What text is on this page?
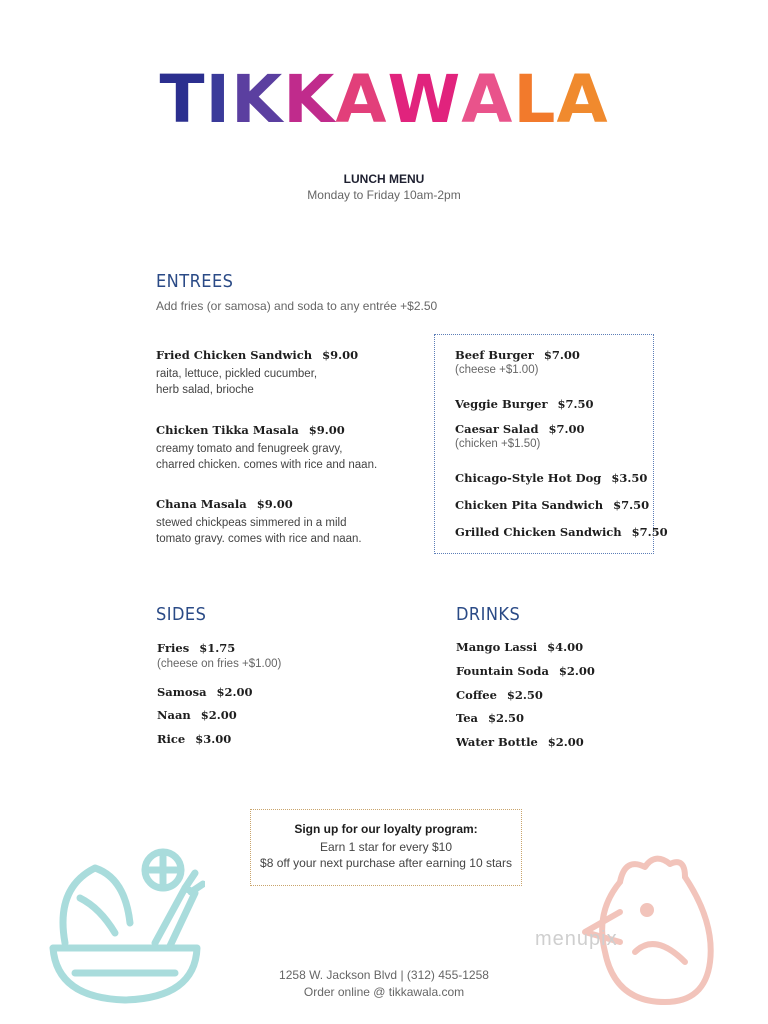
TIKKAWALA
LUNCH MENU
Monday to Friday 10am-2pm
ENTREES
Add fries (or samosa) and soda to any entrée +$2.50
Fried Chicken Sandwich $9.00
raita, lettuce, pickled cucumber,
herb salad, brioche
Chicken Tikka Masala $9.00
creamy tomato and fenugreek gravy,
charred chicken. comes with rice and naan.
Chana Masala $9.00
stewed chickpeas simmered in a mild
tomato gravy. comes with rice and naan.
Beef Burger $7.00
(cheese +$1.00)
Veggie Burger $7.50
Caesar Salad $7.00
(chicken +$1.50)
Chicago-Style Hot Dog $3.50
Chicken Pita Sandwich $7.50
Grilled Chicken Sandwich $7.50
SIDES
Fries $1.75
(cheese on fries +$1.00)
Samosa $2.00
Naan $2.00
Rice $3.00
DRINKS
Mango Lassi $4.00
Fountain Soda $2.00
Coffee $2.50
Tea $2.50
Water Bottle $2.00
Sign up for our loyalty program:
Earn 1 star for every $10
$8 off your next purchase after earning 10 stars
menupix
1258 W. Jackson Blvd | (312) 455-1258
Order online @ tikkawala.com
